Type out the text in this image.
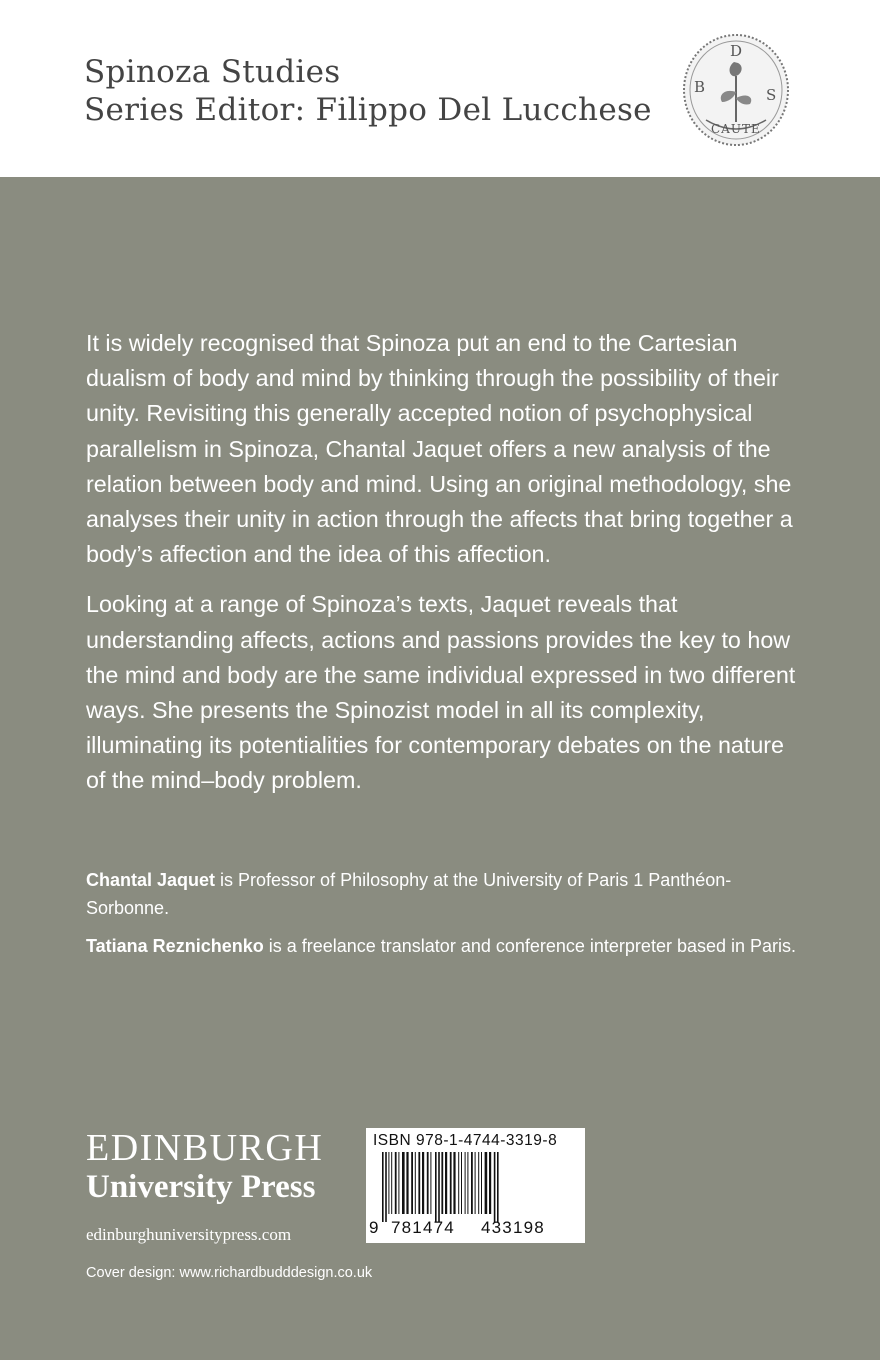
Spinoza Studies
Series Editor: Filippo Del Lucchese
D
B	S
CAUTE

It is widely recognised that Spinoza put an end to the Cartesian dualism of body and mind by thinking through the possibility of their unity. Revisiting this generally accepted notion of psychophysical parallelism in Spinoza, Chantal Jaquet offers a new analysis of the relation between body and mind. Using an original methodology, she analyses their unity in action through the affects that bring together a body’s affection and the idea of this affection.

Looking at a range of Spinoza’s texts, Jaquet reveals that understanding affects, actions and passions provides the key to how the mind and body are the same individual expressed in two different ways. She presents the Spinozist model in all its complexity, illuminating its potentialities for contemporary debates on the nature of the mind–body problem.

Chantal Jaquet is Professor of Philosophy at the University of Paris 1 Panthéon-Sorbonne.

Tatiana Reznichenko is a freelance translator and conference interpreter based in Paris.

EDINBURGH
University Press
edinburghuniversitypress.com
ISBN 978-1-4744-3319-8
9 781474 433198
Cover design: www.richardbudddesign.co.uk
